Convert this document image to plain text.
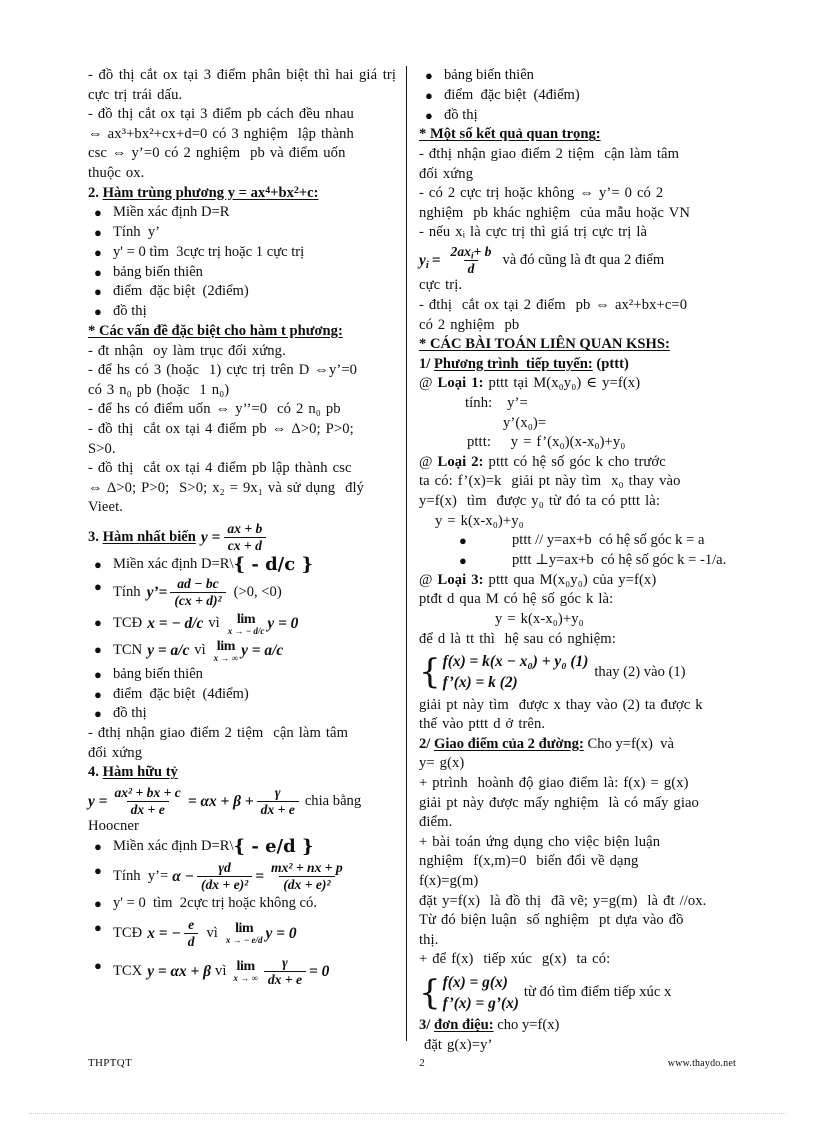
- đồ thị cắt ox tại 3 điểm phân biệt thì hai giá trị cực trị trái dấu.

- đồ thị cắt ox tại 3 điểm pb cách đều nhau

⇔ ax³+bx²+cx+d=0 có 3 nghiệm  lập thành

csc ⇔ y’=0 có 2 nghiệm  pb và điểm uốn

thuộc ox.

2. Hàm trùng phương $y = ax^4+bx^2+c$:

● Miền xác định D=R
● Tính  y’
● y' = 0 tìm  3cực trị hoặc 1 cực trị
● bảng biến thiên
● điểm  đặc biệt  (2điểm)
● đồ thị

* Các vấn đề đặc biệt cho hàm t phương:

- đt nhận  oy làm trục đối xứng.

- để hs có 3 (hoặc  1) cực trị trên D ⇔y’=0

có 3 n₀ pb (hoặc  1 n₀)

- để hs có điểm uốn ⇔ y’’=0  có 2 n₀ pb

- đồ thị  cắt ox tại 4 điểm pb ⇔ Δ>0; P>0;

S>0.

- đồ thị  cắt ox tại 4 điểm pb lập thành csc

⇔ Δ>0; P>0;  S>0; x₂ = 9x₁ và sử dụng  đlý

Vieet.

3. Hàm nhất biến $y = \frac{ax + b}{cx + d}$
● Miền xác định D=R\ { - d/c }
● Tính y’= $\frac{ad - bc}{\text{(cx + d)²}} (>0$, <0)
● TCĐ x = − d/c vì lim
x → − d/c y = 0
● TCN y = a/c vì lim
x → ∞ y = a/c
● bảng biến thiên
● điểm  đặc biệt  (4điểm)
● đồ thị

- đthị nhận giao điểm 2 tiệm  cận làm tâm

đối xứng

4. Hàm hữu tỷ

$y = \frac{\text{ax² + bx + c}}{dx + e} = \alpha x + \beta + \frac{\gamma}{dx + e}$ chia bằng

Hoocner

● Miền xác định D=R\ { - e/d }
● Tính  y’= $\alpha - \frac{\gamma d}{\text{(dx + e)²}} = \frac{\text{mx² + nx + p}}{\text{(dx + e)²}}$
● y' = 0  tìm  2cực trị hoặc không có.
● TCĐ x = − $\frac{e}{d}$ vì lim
x → − e/d y = 0
● TCX y = αx + β vì lim
x → ∞ $\frac{\gamma}{dx + e} = 0$
● bảng biến thiên
● điểm  đặc biệt  (4điểm)
● đồ thị

* Một số kết quả quan trọng:

- đthị nhận giao điểm 2 tiệm  cận làm tâm

đối xứng

- có 2 cực trị hoặc không ⇔ y’= 0 có 2

nghiệm  pb khác nghiệm  của mẫu hoặc VN

- nếu xᵢ là cực trị thì giá trị cực trị là

$y_i = \frac{2ax_i+ b}{d}$ và đó cũng là đt qua 2 điểm

cực trị.

- đthị  cắt ox tại 2 điểm  pb ⇔ ax²+bx+c=0

có 2 nghiệm  pb

* CÁC BÀI TOÁN LIÊN QUAN KSHS:

1/ Phương trình  tiếp tuyến: (pttt)

@ Loại 1: pttt tại M(x₀y₀) ∈ y=f(x)

tính:   y’=

y’(x₀)=

pttt:    y = f’(x₀)(x-x₀)+y₀

@ Loại 2: pttt có hệ số góc k cho trước

ta có: f’(x)=k  giải pt này tìm  x₀ thay vào

y=f(x)  tìm  được y₀ từ đó ta có pttt là:

y = k(x-x₀)+y₀

●	pttt // y=ax+b  có hệ số góc k = a
●	pttt ⊥y=ax+b  có hệ số góc k = -1/a.

@ Loại 3: pttt qua M(x₀y₀) của y=f(x)

ptđt d qua M có hệ số góc k là:

y = k(x-x₀)+y₀

để d là tt thì  hệ sau có nghiệm:

{ f(x) = k(x − x₀) + y₀ (1)
f’(x) = k (2)
thay (2) vào (1)

giải pt này tìm  được x thay vào (2) ta được k

thế vào pttt d ở trên.

2/ Giao điểm của 2 đường: Cho y=f(x)  và

y= g(x)

+ ptrình  hoành độ giao điểm là: f(x) = g(x)

giải pt này được mấy nghiệm  là có mấy giao

điểm.

+ bài toán ứng dụng cho việc biện luận

nghiệm  f(x,m)=0  biến đổi về dạng

f(x)=g(m)

đặt y=f(x)  là đồ thị  đã vẽ; y=g(m)  là đt //ox.

Từ đó biện luận  số nghiệm  pt dựa vào đồ

thị.

+ để f(x)  tiếp xúc  g(x)  ta có:

{ f(x) = g(x)
f’(x) = g’(x)
từ đó tìm điểm tiếp xúc x

3/ đơn điệu: cho y=f(x)

đặt g(x)=y’

THPTQT	2	www.thaydo.net
